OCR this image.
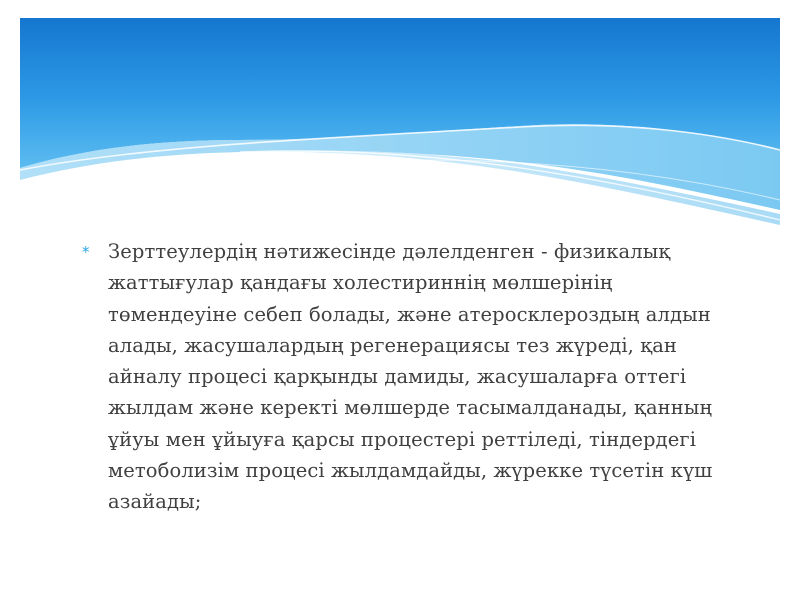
* Зерттеулердің нәтижесінде дәлелденген - физикалық жаттығулар қандағы холестириннің мөлшерінің төмендеуіне себеп болады, және атеросклероздың алдын алады, жасушалардың регенерациясы тез жүреді, қан айналу процесі қарқынды дамиды, жасушаларға оттегі жылдам және керекті мөлшерде тасымалданады, қанның ұйуы мен ұйыуға қарсы процестері реттіледі, тіндердегі метоболизім процесі жылдамдайды, жүрекке түсетін күш азайады;
